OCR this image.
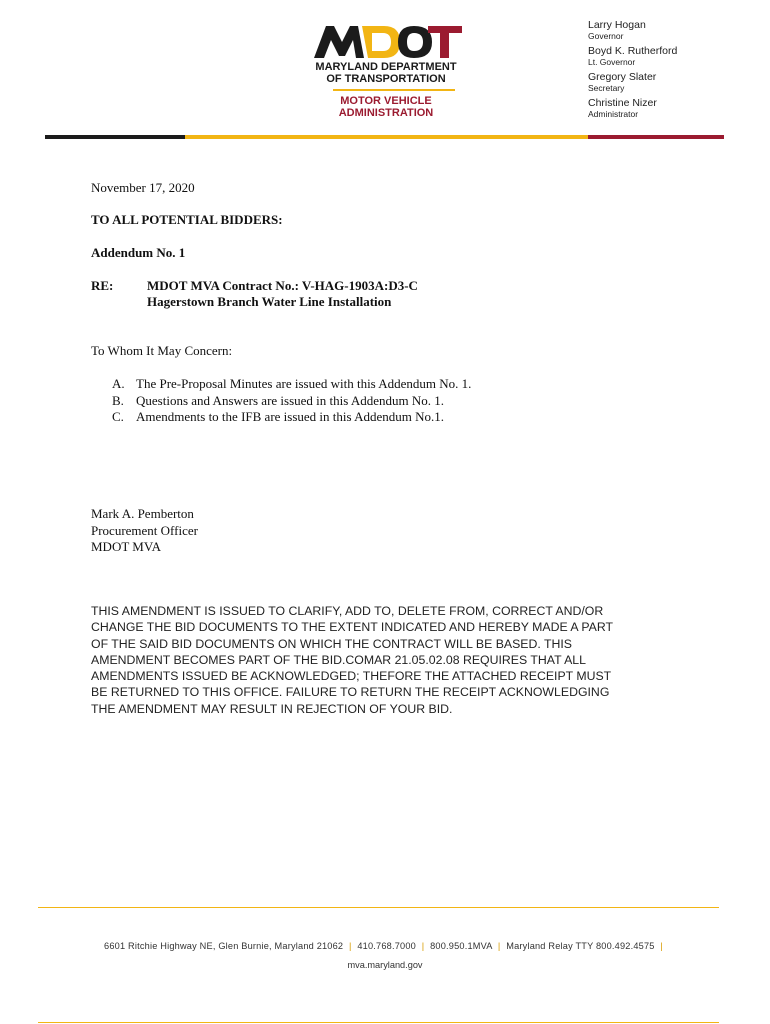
MARYLAND DEPARTMENT
OF TRANSPORTATION
MOTOR VEHICLE
ADMINISTRATION
Larry Hogan
Governor
Boyd K. Rutherford
Lt. Governor
Gregory Slater
Secretary
Christine Nizer
Administrator
November 17, 2020
TO ALL POTENTIAL BIDDERS:
Addendum No. 1
RE:	MDOT MVA Contract No.: V-HAG-1903A:D3-C
Hagerstown Branch Water Line Installation
To Whom It May Concern:
A. The Pre-Proposal Minutes are issued with this Addendum No. 1.
B. Questions and Answers are issued in this Addendum No. 1.
C. Amendments to the IFB are issued in this Addendum No.1.
Mark A. Pemberton
Procurement Officer
MDOT MVA
THIS AMENDMENT IS ISSUED TO CLARIFY, ADD TO, DELETE FROM, CORRECT AND/OR
CHANGE THE BID DOCUMENTS TO THE EXTENT INDICATED AND HEREBY MADE A PART
OF THE SAID BID DOCUMENTS ON WHICH THE CONTRACT WILL BE BASED. THIS
AMENDMENT BECOMES PART OF THE BID.COMAR 21.05.02.08 REQUIRES THAT ALL
AMENDMENTS ISSUED BE ACKNOWLEDGED; THEFORE THE ATTACHED RECEIPT MUST
BE RETURNED TO THIS OFFICE. FAILURE TO RETURN THE RECEIPT ACKNOWLEDGING
THE AMENDMENT MAY RESULT IN REJECTION OF YOUR BID.
6601 Ritchie Highway NE, Glen Burnie, Maryland 21062 | 410.768.7000 | 800.950.1MVA | Maryland Relay TTY 800.492.4575 |
mva.maryland.gov
